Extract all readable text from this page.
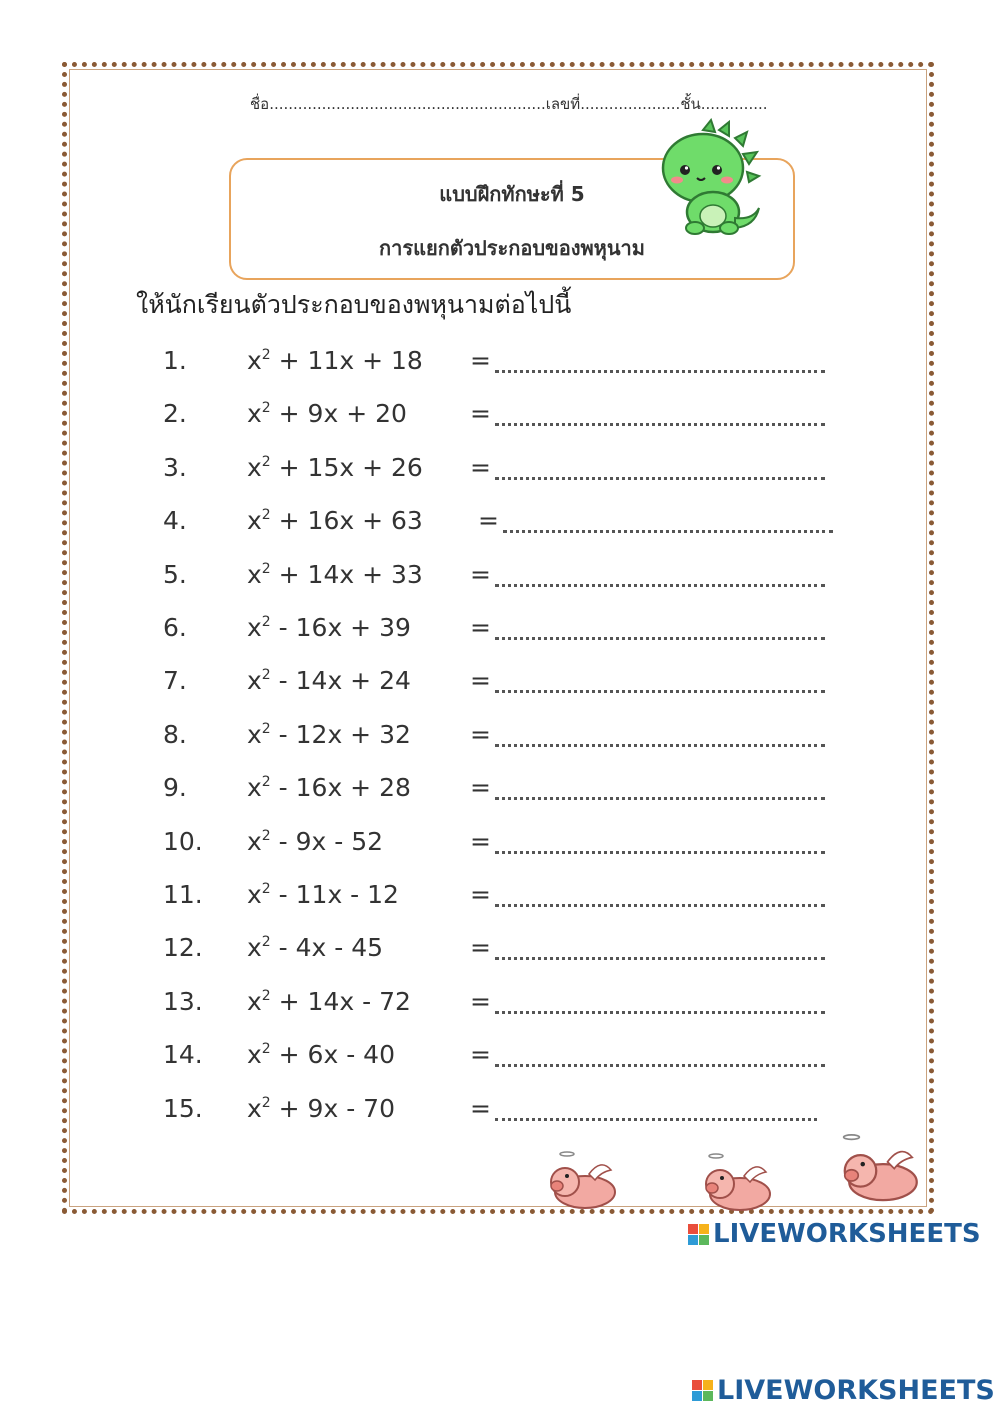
ชื่อ..........................................................เลขที่.....................ชั้น..............
แบบฝึกทักษะที่ 5
การแยกตัวประกอบของพหุนาม
ให้นักเรียนตัวประกอบของพหุนามต่อไปนี้
1. $x^2 + 11x + 18$ =
2. $x^2 + 9x + 20$	=
3. $x^2 + 15x + 26$ =
4. $x^2 + 16x + 63$ =
5. $x^2 + 14x + 33$ =
6. $x^2 - 16x + 39$ =
7. $x^2 - 14x + 24$ =
8. $x^2 - 12x + 32$ =
9. $x^2 - 16x + 28$ =
10. $x^2 - 9x - 52$	=
11. $x^2 - 11x - 12$	=
12. $x^2 - 4x - 45$	=
13. $x^2 + 14x - 72$ =
14. $x^2 + 6x - 40$	=
15. $x^2 + 9x - 70$	=
LIVEWORKSHEETS
LIVEWORKSHEETS
